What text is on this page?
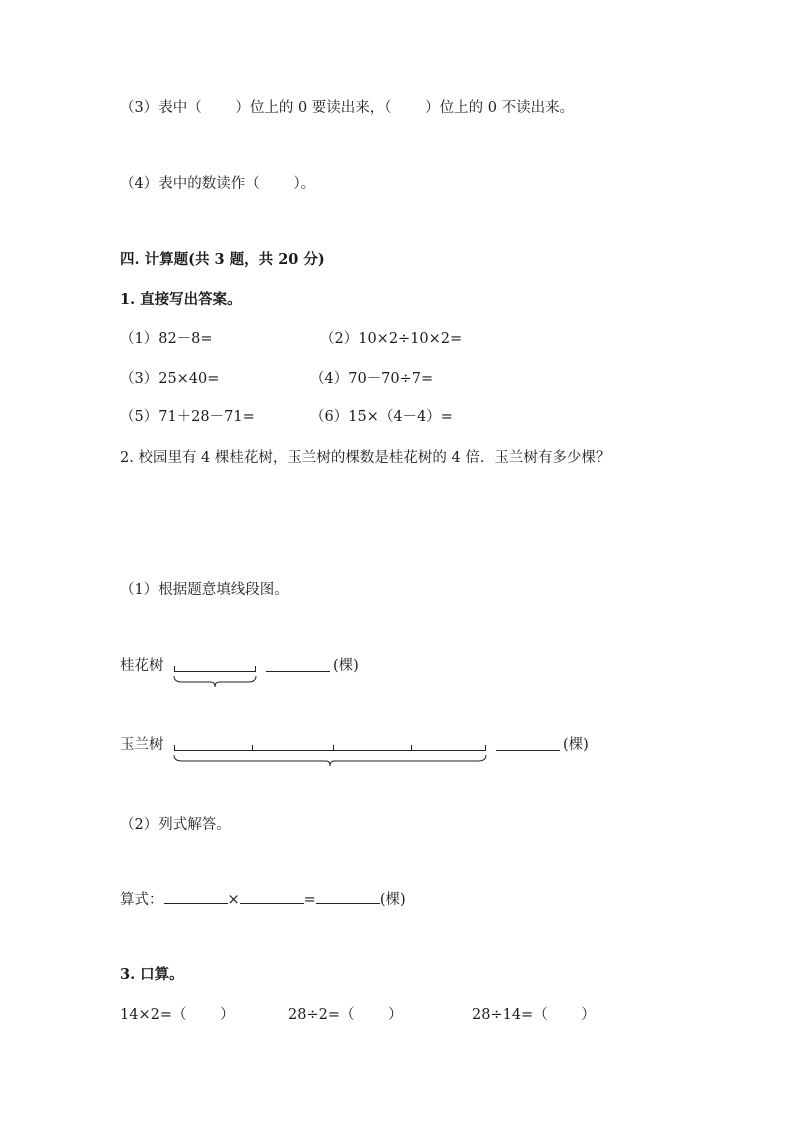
（3）表中（　　 ）位上的 0 要读出来，（　　 ）位上的 0 不读出来。
（4）表中的数读作（　　 ）。
四. 计算题(共 3 题，共 20 分)
1. 直接写出答案。
（1）82－8=	（2）10×2÷10×2=
（3）25×40=	（4）70－70÷7=
（5）71＋28－71=	（6）15×（4－4）=
2. 校园里有 4 棵桂花树，玉兰树的棵数是桂花树的 4 倍．玉兰树有多少棵？
（1）根据题意填线段图。
桂花树	(棵)
玉兰树	(棵)
（2）列式解答。
算式：	×	=	(棵)
3. 口算。
14×2=（　　 ）	28÷2=（　　 ）	28÷14=（　　 ）
